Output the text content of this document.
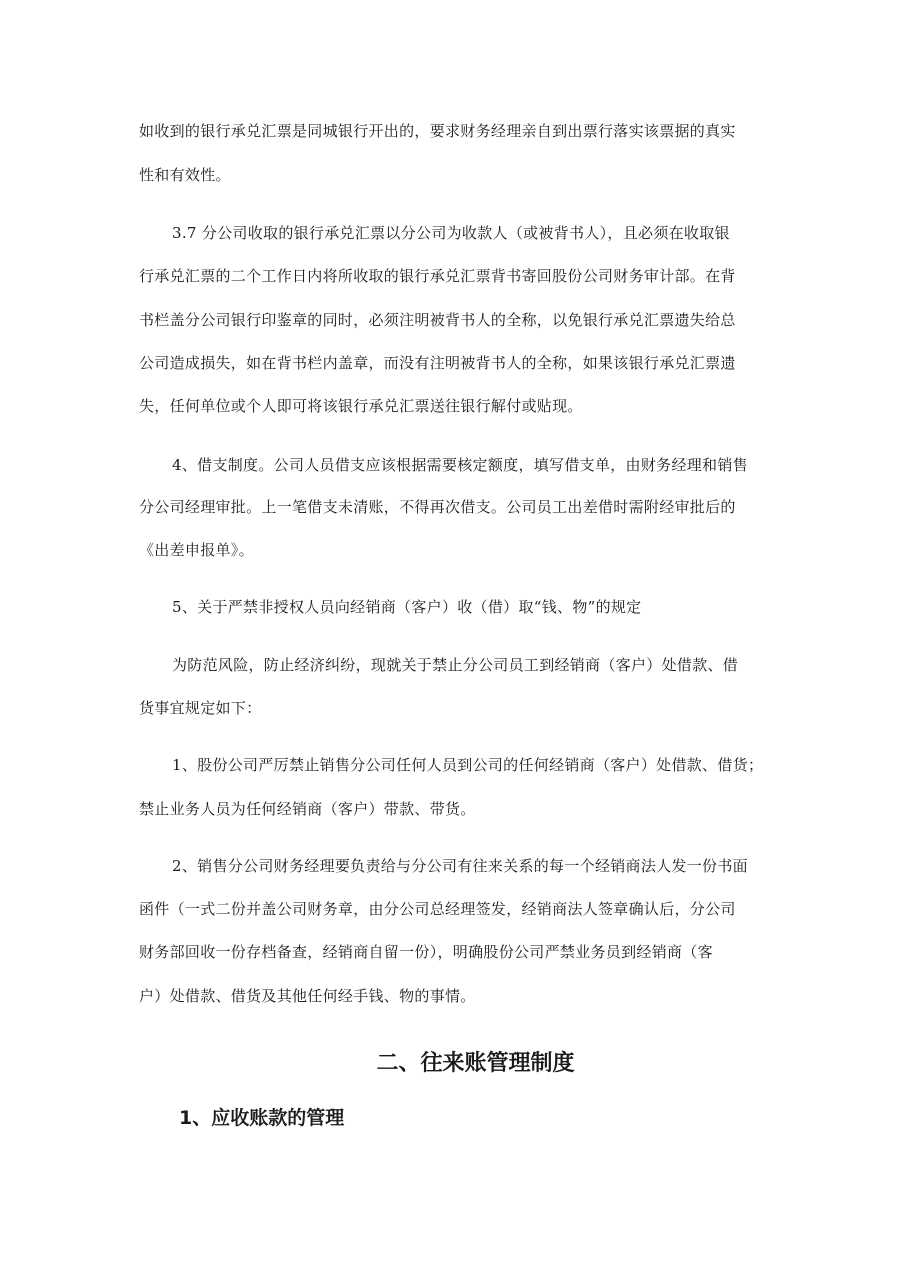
如收到的银行承兑汇票是同城银行开出的，要求财务经理亲自到出票行落实该票据的真实

性和有效性。

3.7 分公司收取的银行承兑汇票以分公司为收款人（或被背书人），且必须在收取银

行承兑汇票的二个工作日内将所收取的银行承兑汇票背书寄回股份公司财务审计部。在背

书栏盖分公司银行印鉴章的同时，必须注明被背书人的全称，以免银行承兑汇票遗失给总

公司造成损失，如在背书栏内盖章，而没有注明被背书人的全称，如果该银行承兑汇票遗

失，任何单位或个人即可将该银行承兑汇票送往银行解付或贴现。

4、借支制度。公司人员借支应该根据需要核定额度，填写借支单，由财务经理和销售

分公司经理审批。上一笔借支未清账，不得再次借支。公司员工出差借时需附经审批后的

《出差申报单》。

5、关于严禁非授权人员向经销商（客户）收（借）取“钱、物”的规定

为防范风险，防止经济纠纷，现就关于禁止分公司员工到经销商（客户）处借款、借

货事宜规定如下：

1、股份公司严厉禁止销售分公司任何人员到公司的任何经销商（客户）处借款、借货；

禁止业务人员为任何经销商（客户）带款、带货。

2、销售分公司财务经理要负责给与分公司有往来关系的每一个经销商法人发一份书面

函件（一式二份并盖公司财务章，由分公司总经理签发，经销商法人签章确认后，分公司

财务部回收一份存档备查，经销商自留一份），明确股份公司严禁业务员到经销商（客

户）处借款、借货及其他任何经手钱、物的事情。

二、往来账管理制度
1、应收账款的管理
